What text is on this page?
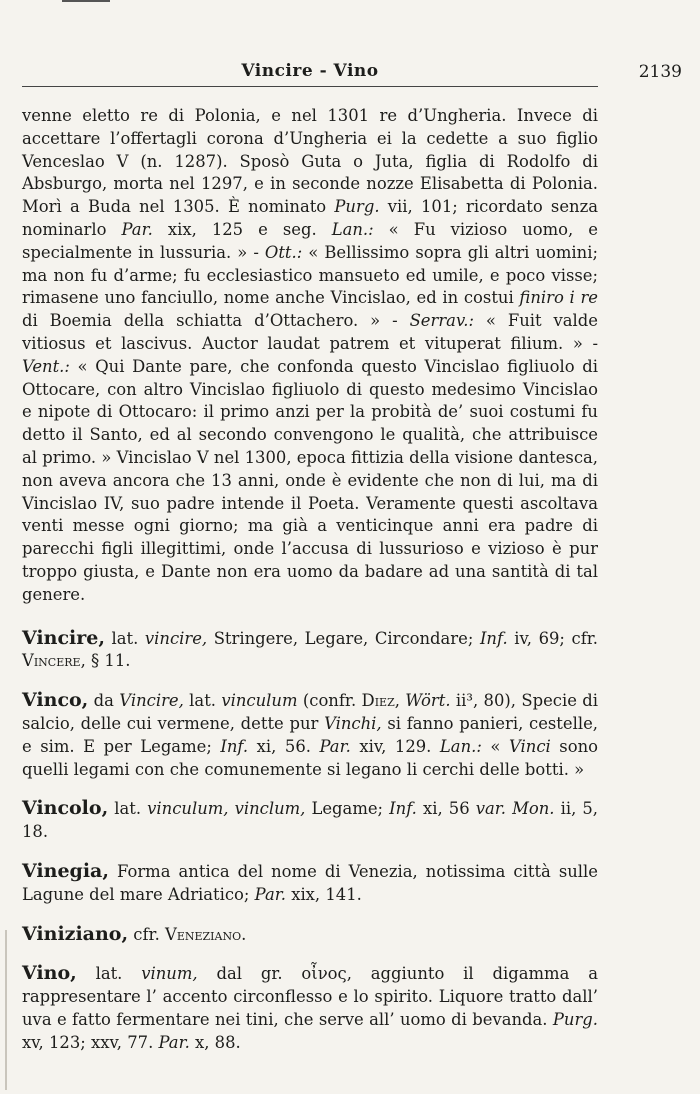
Vincire - Vino	2139

venne eletto re di Polonia, e nel 1301 re d’Ungheria. Invece di accettare l’offertagli corona d’Ungheria ei la cedette a suo figlio Venceslao V (n. 1287). Sposò Guta o Juta, figlia di Rodolfo di Absburgo, morta nel 1297, e in seconde nozze Elisabetta di Polonia. Morì a Buda nel 1305. È nominato Purg. vii, 101; ricordato senza nominarlo Par. xix, 125 e seg. Lan.: « Fu vizioso uomo, e specialmente in lussuria. » - Ott.: « Bellissimo sopra gli altri uomini; ma non fu d’arme; fu ecclesiastico mansueto ed umile, e poco visse; rimasene uno fanciullo, nome anche Vincislao, ed in costui finiro i re di Boemia della schiatta d’Ottachero. » - Serrav.: « Fuit valde vitiosus et lascivus. Auctor laudat patrem et vituperat filium. » - Vent.: « Qui Dante pare, che confonda questo Vincislao figliuolo di Ottocare, con altro Vincislao figliuolo di questo medesimo Vincislao e nipote di Ottocaro: il primo anzi per la probità de’ suoi costumi fu detto il Santo, ed al secondo convengono le qualità, che attribuisce al primo. » Vincislao V nel 1300, epoca fittizia della visione dantesca, non aveva ancora che 13 anni, onde è evidente che non di lui, ma di Vincislao IV, suo padre intende il Poeta. Veramente questi ascoltava venti messe ogni giorno; ma già a venticinque anni era padre di parecchi figli illegittimi, onde l’accusa di lussurioso e vizioso è pur troppo giusta, e Dante non era uomo da badare ad una santità di tal genere.

Vincire, lat. vincire, Stringere, Legare, Circondare; Inf. iv, 69; cfr. Vincere, § 11.

Vinco, da Vincire, lat. vinculum (confr. Diez, Wört. ii³, 80), Specie di salcio, delle cui vermene, dette pur Vinchi, si fanno panieri, cestelle, e sim. E per Legame; Inf. xi, 56. Par. xiv, 129. Lan.: « Vinci sono quelli legami con che comunemente si legano li cerchi delle botti. »

Vincolo, lat. vinculum, vinclum, Legame; Inf. xi, 56 var. Mon. ii, 5, 18.

Vinegia, Forma antica del nome di Venezia, notissima città sulle Lagune del mare Adriatico; Par. xix, 141.

Viniziano, cfr. Veneziano.

Vino, lat. vinum, dal gr. οἶνος, aggiunto il digamma a rappresentare l’ accento circonflesso e lo spirito. Liquore tratto dall’ uva e fatto fermentare nei tini, che serve all’ uomo di bevanda. Purg. xv, 123; xxv, 77. Par. x, 88.
